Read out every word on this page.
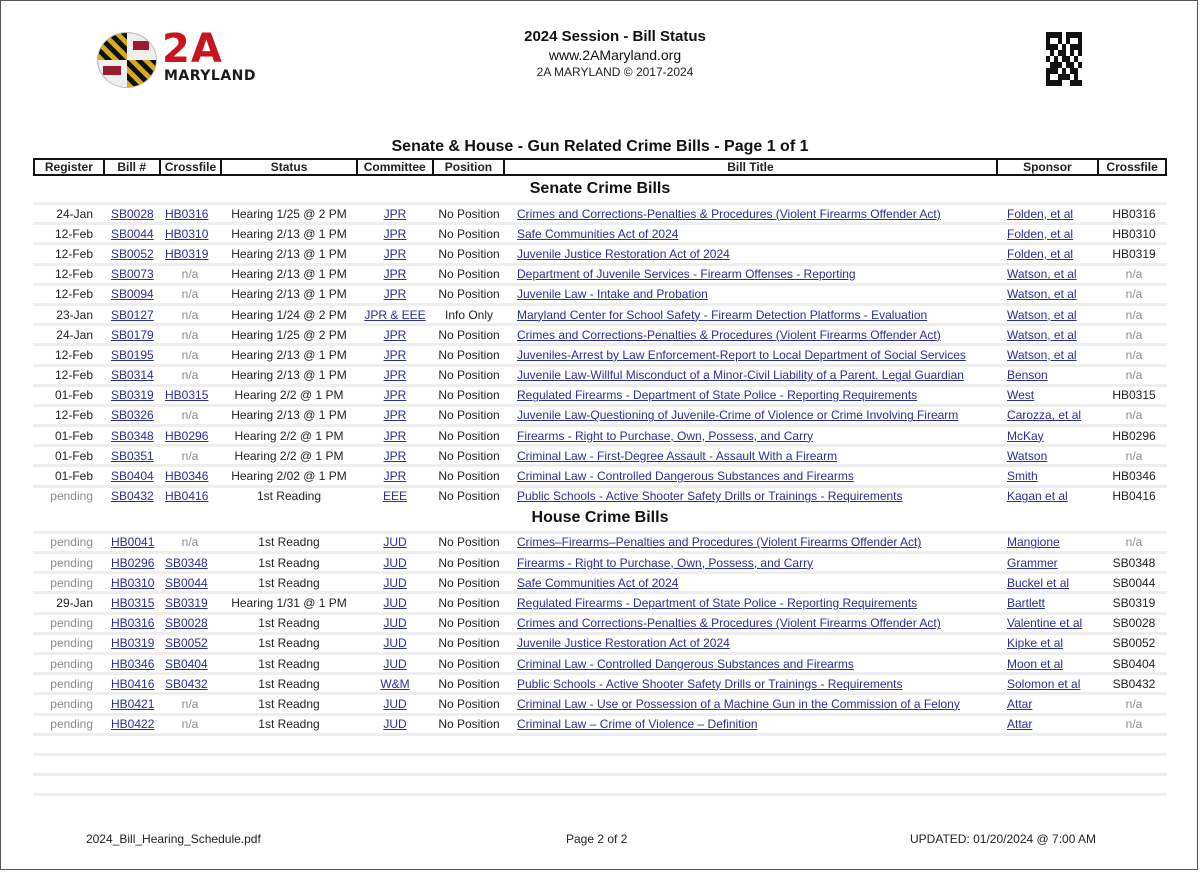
2A
MARYLAND
2024 Session - Bill Status
www.2AMaryland.org
2A MARYLAND © 2017-2024
Senate & House - Gun Related Crime Bills - Page 1 of 1
Register	Bill #	Crossfile	Status	Committee	Position	Bill Title	Sponsor	Crossfile
Senate Crime Bills
24-Jan	SB0028 HB0316	Hearing 1/25 @ 2 PM	JPR	No Position	Crimes and Corrections-Penalties & Procedures (Violent Firearms Offender Act)	Folden, et al	HB0316
12-Feb	SB0044 HB0310	Hearing 2/13 @ 1 PM	JPR	No Position	Safe Communities Act of 2024	Folden, et al	HB0310
12-Feb	SB0052 HB0319	Hearing 2/13 @ 1 PM	JPR	No Position	Juvenile Justice Restoration Act of 2024	Folden, et al	HB0319
12-Feb	SB0073	n/a	Hearing 2/13 @ 1 PM	JPR	No Position	Department of Juvenile Services - Firearm Offenses - Reporting	Watson, et al	n/a
12-Feb	SB0094	n/a	Hearing 2/13 @ 1 PM	JPR	No Position	Juvenile Law - Intake and Probation	Watson, et al	n/a
23-Jan	SB0127	n/a	Hearing 1/24 @ 2 PM	JPR & EEE	Info Only	Maryland Center for School Safety - Firearm Detection Platforms - Evaluation	Watson, et al	n/a
24-Jan	SB0179	n/a	Hearing 1/25 @ 2 PM	JPR	No Position	Crimes and Corrections-Penalties & Procedures (Violent Firearms Offender Act)	Watson, et al	n/a
12-Feb	SB0195	n/a	Hearing 2/13 @ 1 PM	JPR	No Position	Juveniles-Arrest by Law Enforcement-Report to Local Department of Social Services	Watson, et al	n/a
12-Feb	SB0314	n/a	Hearing 2/13 @ 1 PM	JPR	No Position	Juvenile Law-Willful Misconduct of a Minor-Civil Liability of a Parent, Legal Guardian	Benson	n/a
01-Feb	SB0319 HB0315	Hearing 2/2 @ 1 PM	JPR	No Position	Regulated Firearms - Department of State Police - Reporting Requirements	West	HB0315
12-Feb	SB0326	n/a	Hearing 2/13 @ 1 PM	JPR	No Position	Juvenile Law-Questioning of Juvenile-Crime of Violence or Crime Involving Firearm	Carozza, et al	n/a
01-Feb	SB0348 HB0296	Hearing 2/2 @ 1 PM	JPR	No Position	Firearms - Right to Purchase, Own, Possess, and Carry	McKay	HB0296
01-Feb	SB0351	n/a	Hearing 2/2 @ 1 PM	JPR	No Position	Criminal Law - First-Degree Assault - Assault With a Firearm	Watson	n/a
01-Feb	SB0404 HB0346	Hearing 2/02 @ 1 PM	JPR	No Position	Criminal Law - Controlled Dangerous Substances and Firearms	Smith	HB0346
pending	SB0432 HB0416	1st Reading	EEE	No Position	Public Schools - Active Shooter Safety Drills or Trainings - Requirements	Kagan et al	HB0416
House Crime Bills
pending	HB0041	n/a	1st Readng	JUD	No Position	Crimes–Firearms–Penalties and Procedures (Violent Firearms Offender Act)	Mangione	n/a
pending	HB0296 SB0348	1st Readng	JUD	No Position	Firearms - Right to Purchase, Own, Possess, and Carry	Grammer	SB0348
pending	HB0310 SB0044	1st Readng	JUD	No Position	Safe Communities Act of 2024	Buckel et al	SB0044
29-Jan	HB0315 SB0319	Hearing 1/31 @ 1 PM	JUD	No Position	Regulated Firearms - Department of State Police - Reporting Requirements	Bartlett	SB0319
pending	HB0316 SB0028	1st Readng	JUD	No Position	Crimes and Corrections-Penalties & Procedures (Violent Firearms Offender Act)	Valentine et al	SB0028
pending	HB0319 SB0052	1st Readng	JUD	No Position	Juvenile Justice Restoration Act of 2024	Kipke et al	SB0052
pending	HB0346 SB0404	1st Readng	JUD	No Position	Criminal Law - Controlled Dangerous Substances and Firearms	Moon et al	SB0404
pending	HB0416 SB0432	1st Readng	W&M	No Position	Public Schools - Active Shooter Safety Drills or Trainings - Requirements	Solomon et al	SB0432
pending	HB0421	n/a	1st Readng	JUD	No Position	Criminal Law - Use or Possession of a Machine Gun in the Commission of a Felony	Attar	n/a
pending	HB0422	n/a	1st Readng	JUD	No Position	Criminal Law – Crime of Violence – Definition	Attar	n/a
2024_Bill_Hearing_Schedule.pdf	Page 2 of 2	UPDATED: 01/20/2024 @ 7:00 AM
